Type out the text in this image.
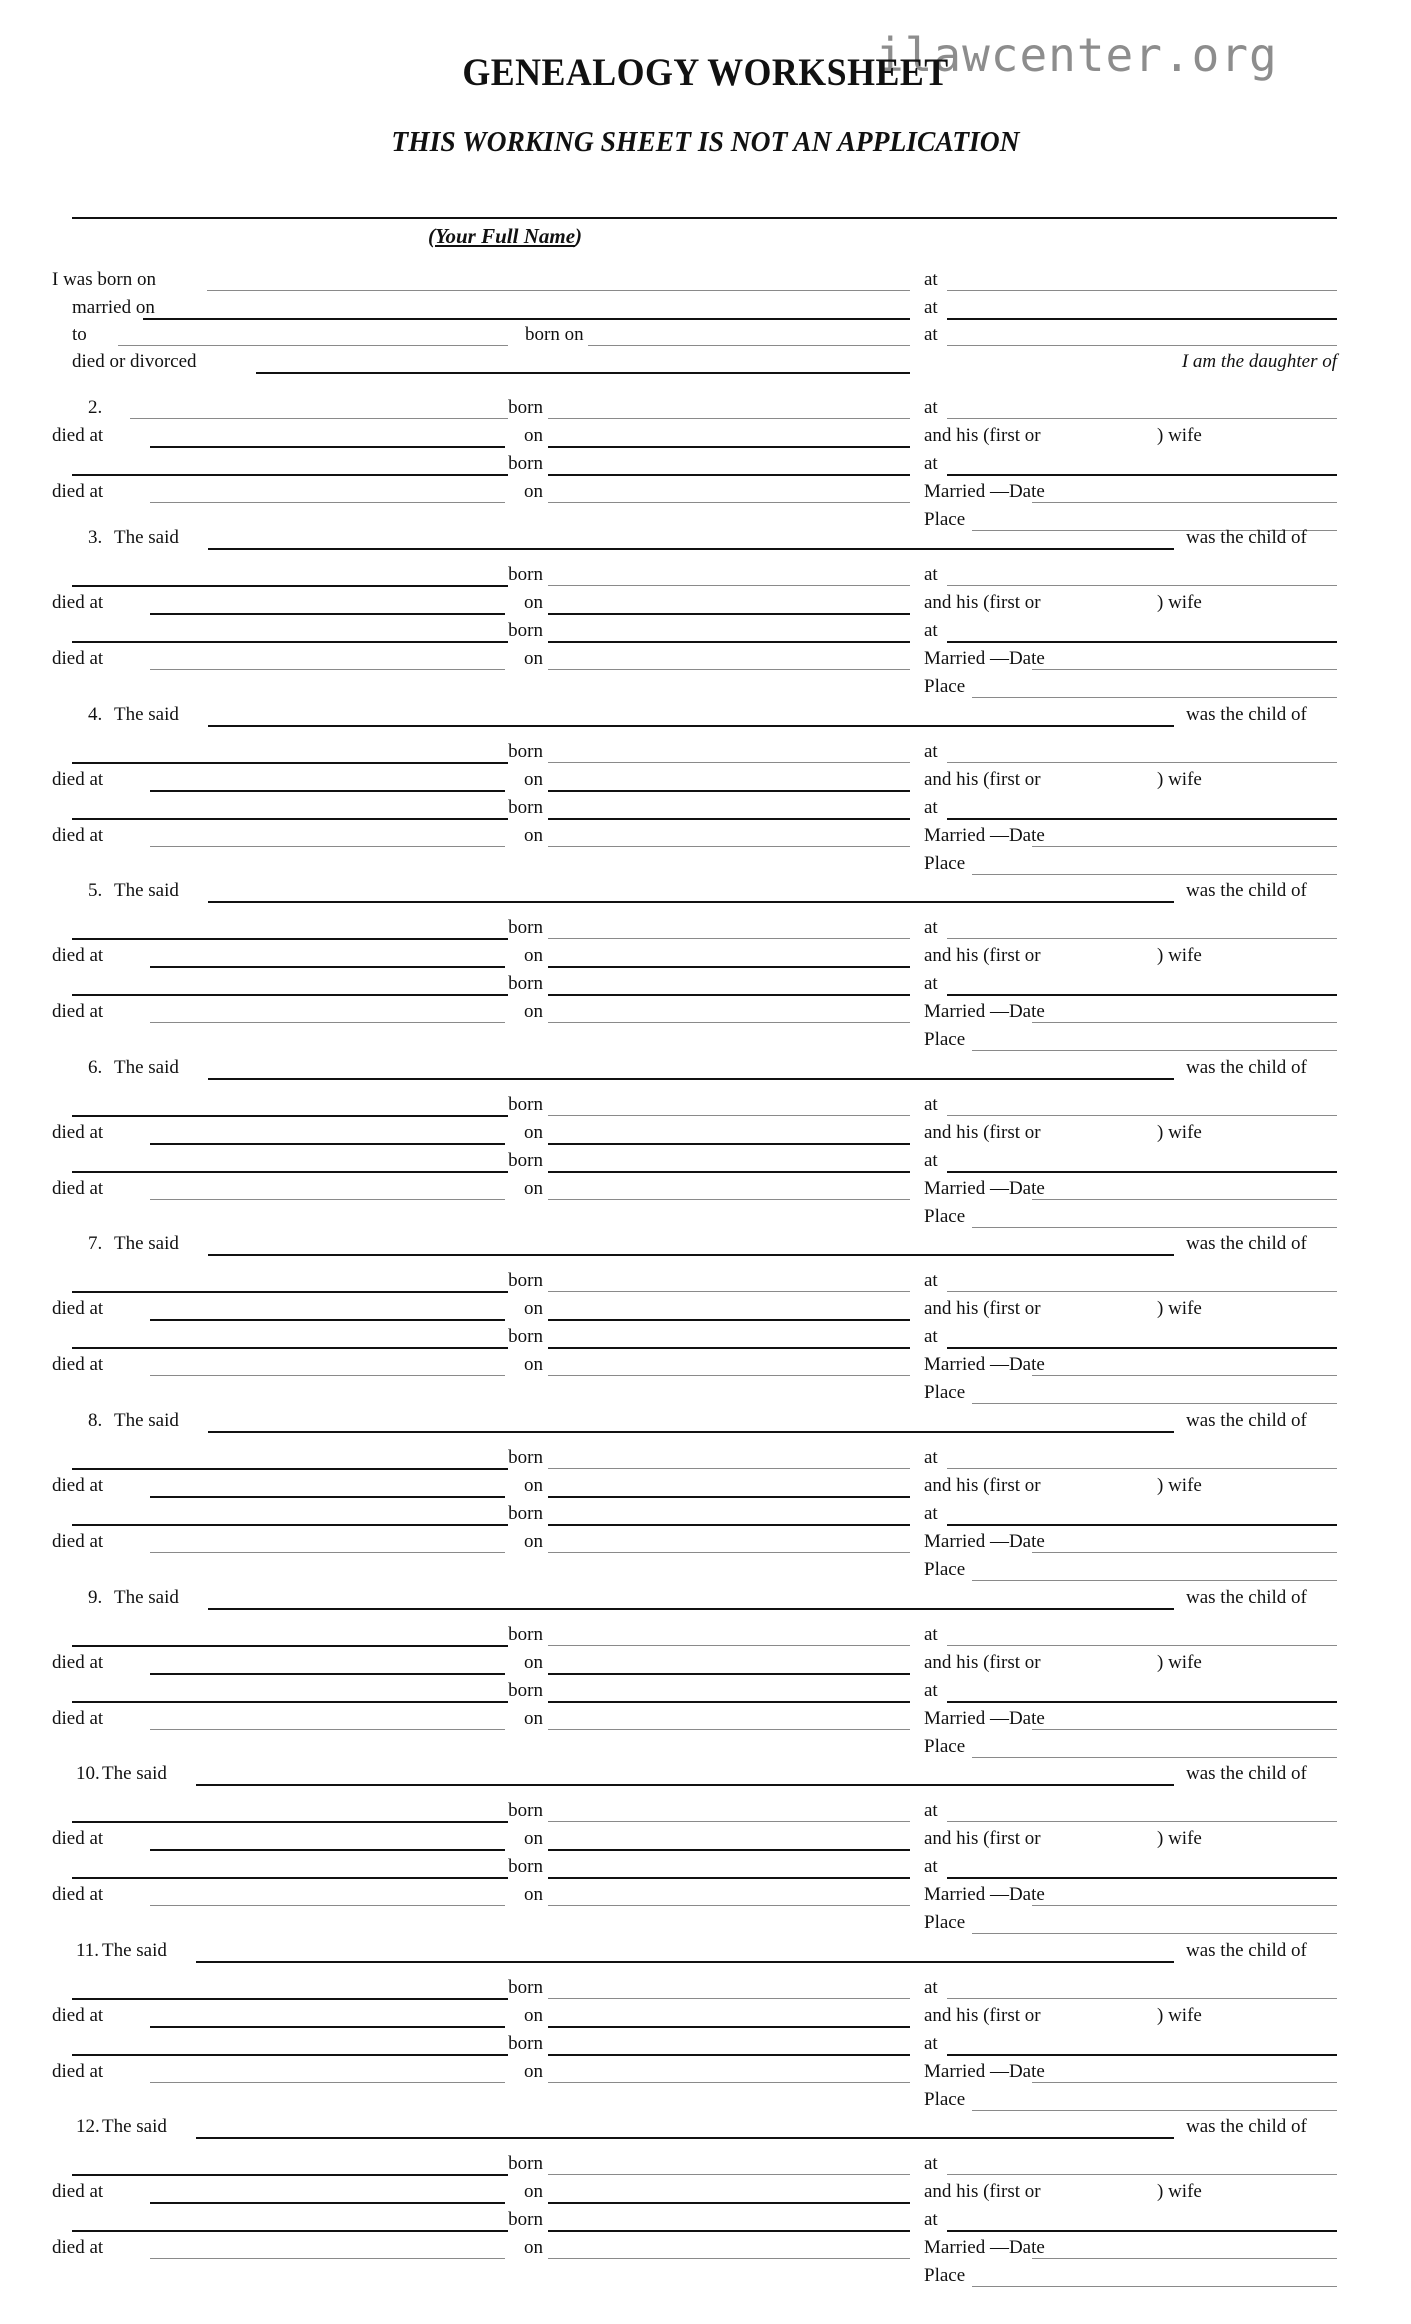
ilawcenter.org
GENEALOGY WORKSHEET
THIS WORKING SHEET IS NOT AN APPLICATION
(Your Full Name)
I was born on	at
married on	at
to	born on	at
died or divorced	I am the daughter of
2.	born	at
died at	on	and his (first or	) wife
born	at
died at	on	Married —Date
Place
3. The said	was the child of
born	at
died at	on	and his (first or	) wife
born	at
died at	on	Married —Date
Place
4. The said	was the child of
born	at
died at	on	and his (first or	) wife
born	at
died at	on	Married —Date
Place
5. The said	was the child of
born	at
died at	on	and his (first or	) wife
born	at
died at	on	Married —Date
Place
6. The said	was the child of
born	at
died at	on	and his (first or	) wife
born	at
died at	on	Married —Date
Place
7. The said	was the child of
born	at
died at	on	and his (first or	) wife
born	at
died at	on	Married —Date
Place
8. The said	was the child of
born	at
died at	on	and his (first or	) wife
born	at
died at	on	Married —Date
Place
9. The said	was the child of
born	at
died at	on	and his (first or	) wife
born	at
died at	on	Married —Date
Place
10. The said	was the child of
born	at
died at	on	and his (first or	) wife
born	at
died at	on	Married —Date
Place
11. The said	was the child of
born	at
died at	on	and his (first or	) wife
born	at
died at	on	Married —Date
Place
12. The said	was the child of
born	at
died at	on	and his (first or	) wife
born	at
died at	on	Married —Date
Place
